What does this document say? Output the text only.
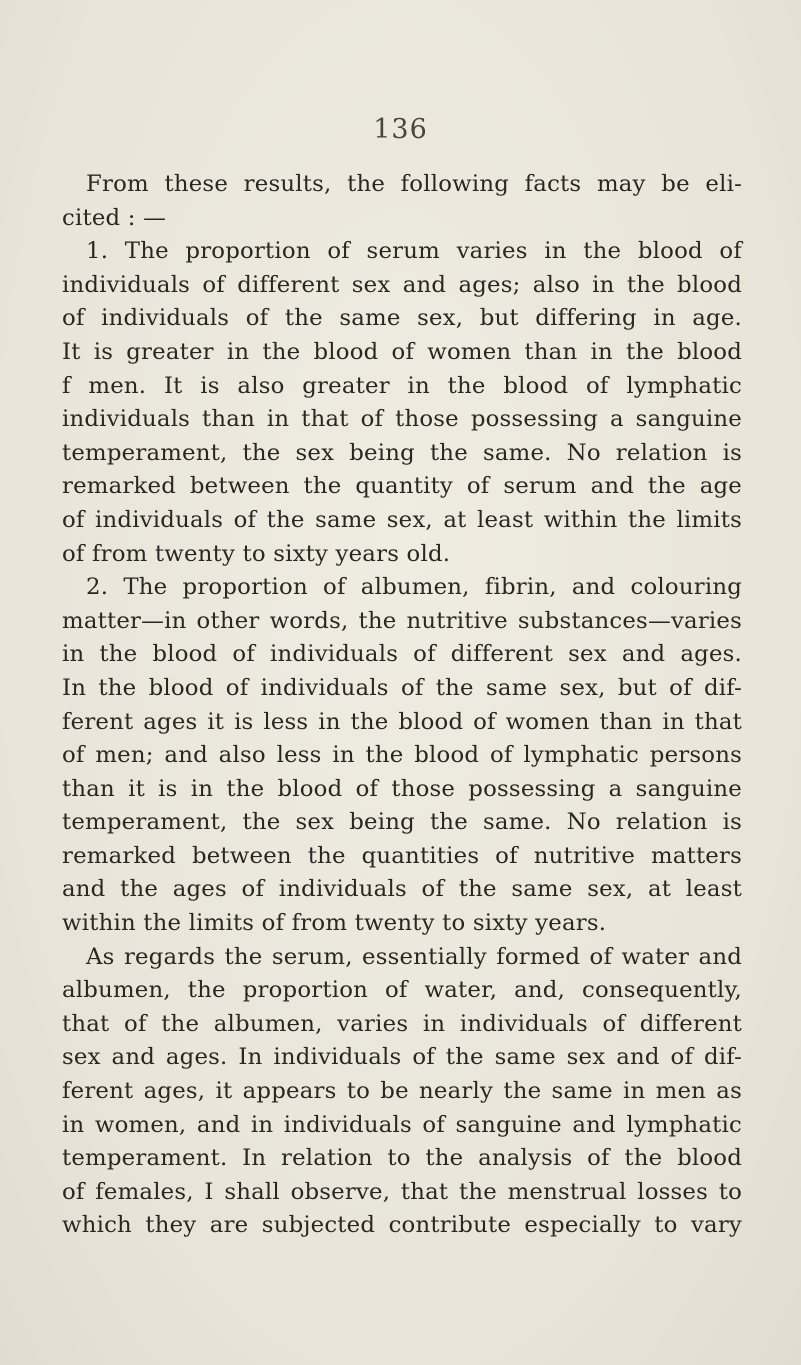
136
From these results, the following facts may be eli-
cited : —
1. The proportion of serum varies in the blood of
individuals of different sex and ages; also in the blood
of individuals of the same sex, but differing in age.
It is greater in the blood of women than in the blood
f men. It is also greater in the blood of lymphatic
individuals than in that of those possessing a sanguine
temperament, the sex being the same. No relation is
remarked between the quantity of serum and the age
of individuals of the same sex, at least within the limits
of from twenty to sixty years old.
2. The proportion of albumen, fibrin, and colouring
matter—in other words, the nutritive substances—varies
in the blood of individuals of different sex and ages.
In the blood of individuals of the same sex, but of dif-
ferent ages it is less in the blood of women than in that
of men; and also less in the blood of lymphatic persons
than it is in the blood of those possessing a sanguine
temperament, the sex being the same. No relation is
remarked between the quantities of nutritive matters
and the ages of individuals of the same sex, at least
within the limits of from twenty to sixty years.
As regards the serum, essentially formed of water and
albumen, the proportion of water, and, consequently,
that of the albumen, varies in individuals of different
sex and ages. In individuals of the same sex and of dif-
ferent ages, it appears to be nearly the same in men as
in women, and in individuals of sanguine and lymphatic
temperament. In relation to the analysis of the blood
of females, I shall observe, that the menstrual losses to
which they are subjected contribute especially to vary
